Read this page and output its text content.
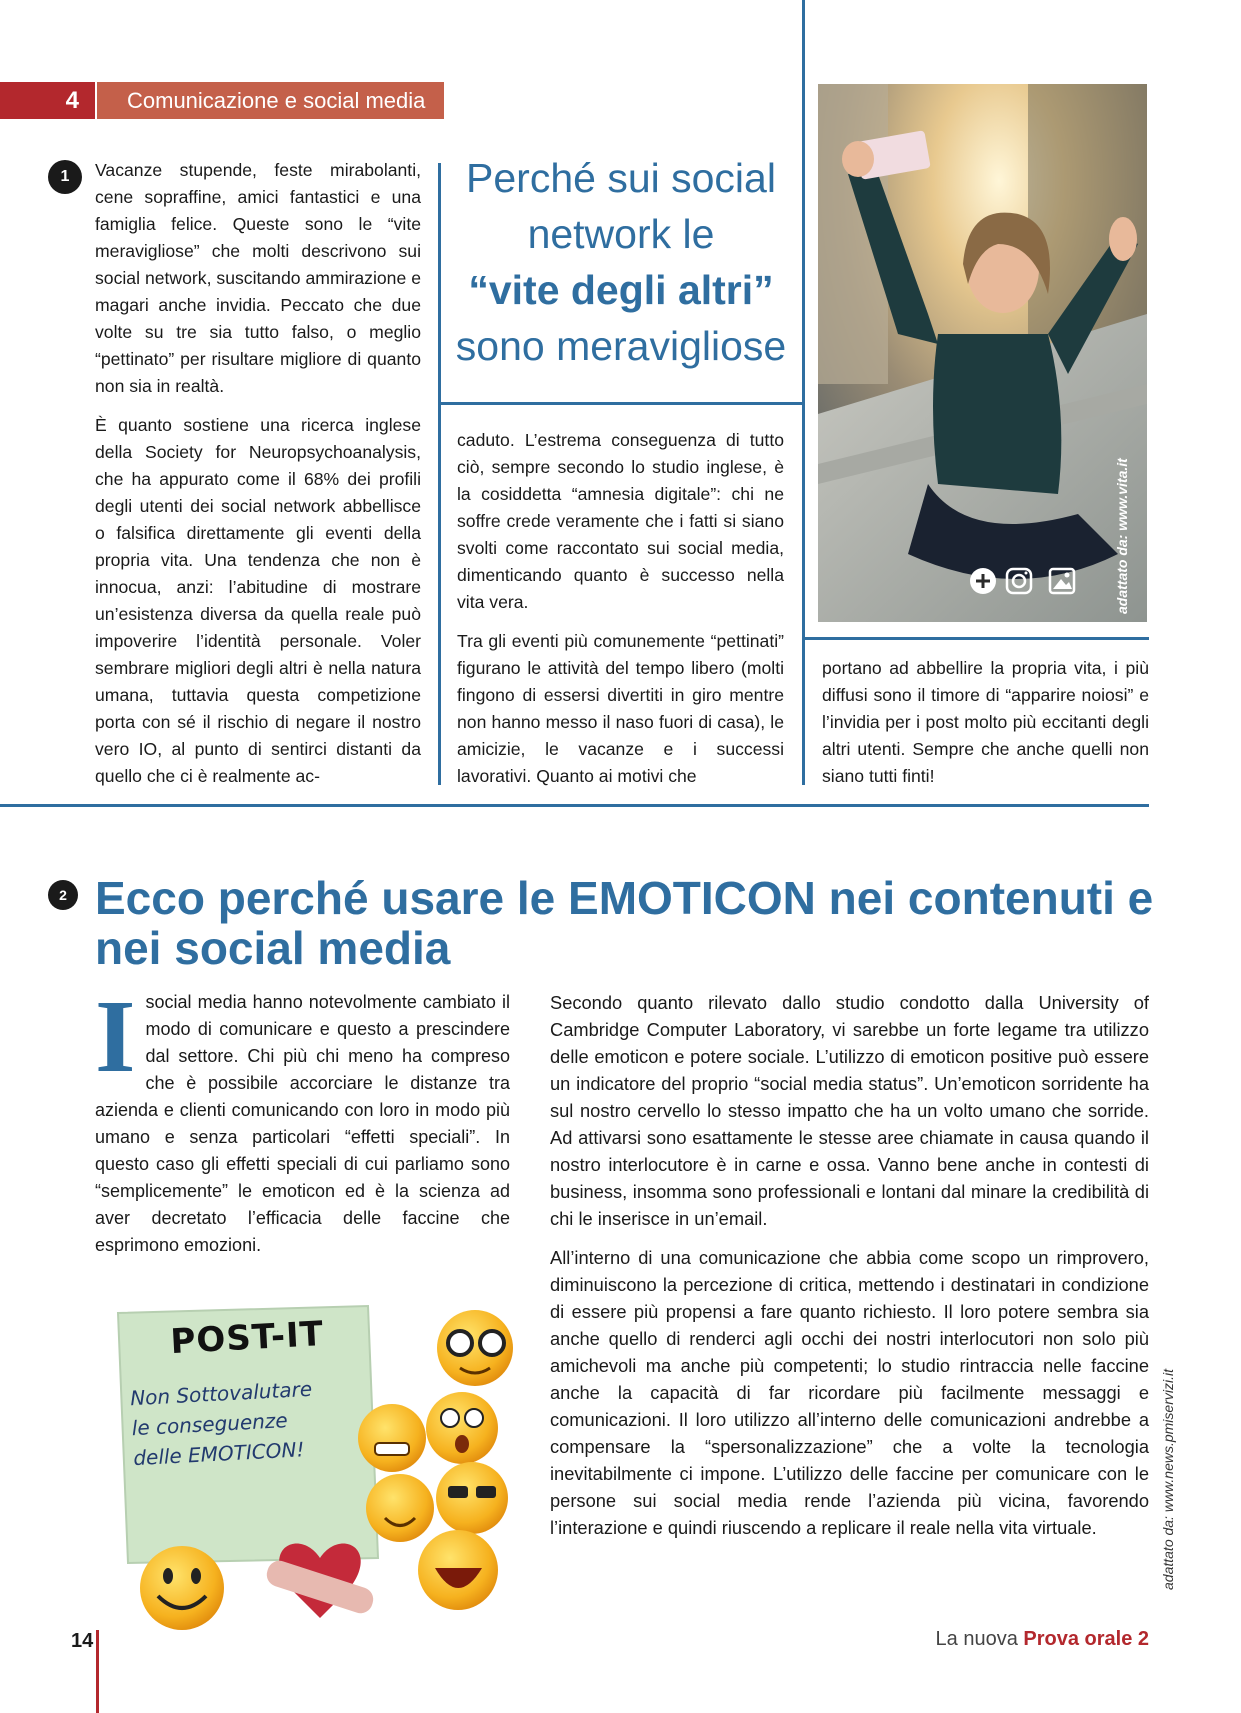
4	Comunicazione e social media
1	Vacanze stupende, feste mirabolanti, cene sopraffine, amici fantastici e una famiglia felice. Queste sono le “vite meravigliose” che molti descrivono sui social network, suscitando ammirazione e magari anche invidia. Peccato che due volte su tre sia tutto falso, o meglio “pettinato” per risultare migliore di quanto non sia in realtà.

È quanto sostiene una ricerca inglese della Society for Neuropsychoanalysis, che ha appurato come il 68% dei profili degli utenti dei social network abbellisce o falsifica direttamente gli eventi della propria vita. Una tendenza che non è innocua, anzi: l’abitudine di mostrare un’esistenza diversa da quella reale può impoverire l’identità personale. Voler sembrare migliori degli altri è nella natura umana, tuttavia questa competizione porta con sé il rischio di negare il nostro vero IO, al punto di sentirci distanti da quello che ci è realmente ac-

Perché sui social
network le
“vite degli altri”
sono meravigliose

caduto. L’estrema conseguenza di tutto ciò, sempre secondo lo studio inglese, è la cosiddetta “amnesia digitale”: chi ne soffre crede veramente che i fatti si siano svolti come raccontato sui social media, dimenticando quanto è successo nella vita vera.

Tra gli eventi più comunemente “pettinati” figurano le attività del tempo libero (molti fingono di essersi divertiti in giro mentre non hanno messo il naso fuori di casa), le amicizie, le vacanze e i successi lavorativi. Quanto ai motivi che

portano ad abbellire la propria vita, i più diffusi sono il timore di “apparire noiosi” e l’invidia per i post molto più eccitanti degli altri utenti. Sempre che anche quelli non siano tutti finti!

adattato da: www.vita.it
2 Ecco perché usare le EMOTICON nei contenuti e nei social media

I social media hanno notevolmente cambiato il modo di comunicare e questo a prescindere dal settore. Chi più chi meno ha compreso che è possibile accorciare le distanze tra azienda e clienti comunicando con loro in modo più umano e senza particolari “effetti speciali”. In questo caso gli effetti speciali di cui parliamo sono “semplicemente” le emoticon ed è la scienza ad aver decretato l’efficacia delle faccine che esprimono emozioni.

Secondo quanto rilevato dallo studio condotto dalla University of Cambridge Computer Laboratory, vi sarebbe un forte legame tra utilizzo delle emoticon e potere sociale. L’utilizzo di emoticon positive può essere un indicatore del proprio “social media status”. Un’emoticon sorridente ha sul nostro cervello lo stesso impatto che ha un volto umano che sorride. Ad attivarsi sono esattamente le stesse aree chiamate in causa quando il nostro interlocutore è in carne e ossa. Vanno bene anche in contesti di business, insomma sono professionali e lontani dal minare la credibilità di chi le inserisce in un’email.

All’interno di una comunicazione che abbia come scopo un rimprovero, diminuiscono la percezione di critica, mettendo i destinatari in condizione di essere più propensi a fare quanto richiesto. Il loro potere sembra sia anche quello di renderci agli occhi dei nostri interlocutori non solo più amichevoli ma anche più competenti; lo studio rintraccia nelle faccine anche la capacità di far ricordare più facilmente messaggi e comunicazioni. Il loro utilizzo all’interno delle comunicazioni andrebbe a compensare la “spersonalizzazione” che a volte la tecnologia inevitabilmente ci impone. L’utilizzo delle faccine per comunicare con le persone sui social media rende l’azienda più vicina, favorendo l’interazione e quindi riuscendo a replicare il reale nella vita virtuale.	adattato da: www.news.pmiservizi.it
POST-IT
Non Sottovalutare
le conseguenze
delle EMOTICON!
14	La nuova Prova orale 2
